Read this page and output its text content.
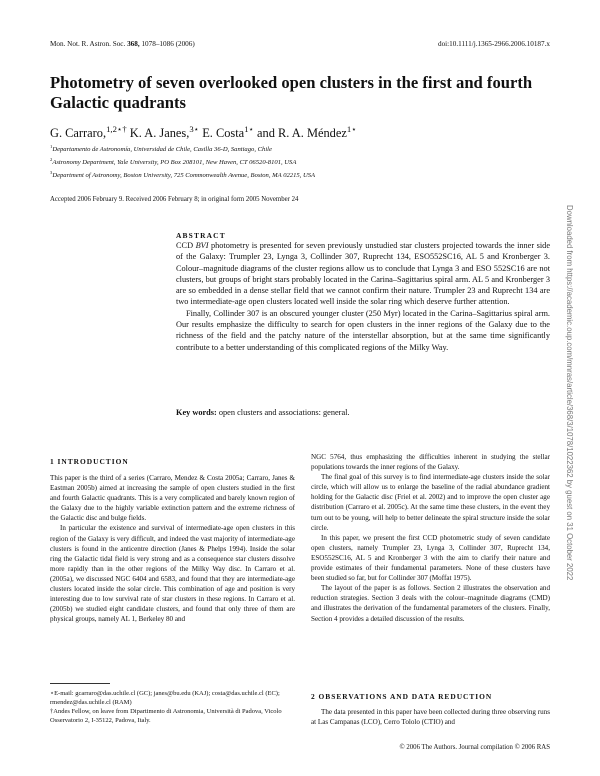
Mon. Not. R. Astron. Soc. 368, 1078–1086 (2006)	doi:10.1111/j.1365-2966.2006.10187.x
Photometry of seven overlooked open clusters in the first and fourth Galactic quadrants
G. Carraro,$^{1,2⋆\dagger}$ K. A. Janes,$^{3⋆}$ E. Costa$^{1⋆}$ and R. A. Méndez$^{1⋆}$
$^1$Departamento de Astronomía, Universidad de Chile, Casilla 36-D, Santiago, Chile
$^2$Astronomy Department, Yale University, PO Box 208101, New Haven, CT 06520-8101, USA
$^3$Department of Astronomy, Boston University, 725 Commonwealth Avenue, Boston, MA 02215, USA
Accepted 2006 February 9. Received 2006 February 8; in original form 2005 November 24
ABSTRACT

CCD BVI photometry is presented for seven previously unstudied star clusters projected towards the inner side of the Galaxy: Trumpler 23, Lynga 3, Collinder 307, Ruprecht 134, ESO552SC16, AL 5 and Kronberger 3. Colour–magnitude diagrams of the cluster regions allow us to conclude that Lynga 3 and ESO 552SC16 are not clusters, but groups of bright stars probably located in the Carina–Sagittarius spiral arm. AL 5 and Kronberger 3 are so embedded in a dense stellar field that we cannot confirm their nature. Trumpler 23 and Ruprecht 134 are two intermediate-age open clusters located well inside the solar ring which deserve further attention.

Finally, Collinder 307 is an obscured younger cluster (250 Myr) located in the Carina–Sagittarius spiral arm. Our results emphasize the difficulty to search for open clusters in the inner regions of the Galaxy due to the richness of the field and the patchy nature of the interstellar absorption, but at the same time significantly contribute to a better understanding of this complicated regions of the Milky Way.

Key words: open clusters and associations: general.
1 INTRODUCTION

This paper is the third of a series (Carraro, Mendez & Costa 2005a; Carraro, Janes & Eastman 2005b) aimed at increasing the sample of open clusters studied in the first and fourth Galactic quadrants. This is a very complicated and barely known region of the Galaxy due to the highly variable extinction pattern and the extreme richness of the Galactic disc and bulge fields.

In particular the existence and survival of intermediate-age open clusters in this region of the Galaxy is very difficult, and indeed the vast majority of intermediate-age clusters is found in the anticentre direction (Janes & Phelps 1994). Inside the solar ring the Galactic tidal field is very strong and as a consequence star clusters dissolve more rapidly than in the other regions of the Milky Way disc. In Carraro et al. (2005a), we discussed NGC 6404 and 6583, and found that they are intermediate-age clusters located inside the solar circle. This combination of age and position is very interesting due to low survival rate of star clusters in these regions. In Carraro et al. (2005b) we studied eight candidate clusters, and found that only three of them are physical groups, namely AL 1, Berkeley 80 and

⋆E-mail: gcarraro@das.uchile.cl (GC); janes@bu.edu (KAJ); costa@das.uchile.cl (EC); rmendez@das.uchile.cl (RAM)
†Andes Fellow, on leave from Dipartimento di Astronomia, Università di Padova, Vicolo Osservatorio 2, I-35122, Padova, Italy.

NGC 5764, thus emphasizing the difficulties inherent in studying the stellar populations towards the inner regions of the Galaxy.

The final goal of this survey is to find intermediate-age clusters inside the solar circle, which will allow us to enlarge the baseline of the radial abundance gradient holding for the Galactic disc (Friel et al. 2002) and to improve the open cluster age distribution (Carraro et al. 2005c). At the same time these clusters, in the event they turn out to be young, will help to better delineate the spiral structure inside the solar circle.

In this paper, we present the first CCD photometric study of seven candidate open clusters, namely Trumpler 23, Lynga 3, Collinder 307, Ruprecht 134, ESO552SC16, AL 5 and Kronberger 3 with the aim to clarify their nature and provide estimates of their fundamental parameters. None of these clusters have been studied so far, but for Collinder 307 (Moffat 1975).

The layout of the paper is as follows. Section 2 illustrates the observation and reduction strategies. Section 3 deals with the colour–magnitude diagrams (CMD) and illustrates the derivation of the fundamental parameters of the clusters. Finally, Section 4 provides a detailed discussion of the results.

2 OBSERVATIONS AND DATA REDUCTION

The data presented in this paper have been collected during three observing runs at Las Campanas (LCO), Cerro Tololo (CTIO) and

© 2006 The Authors. Journal compilation © 2006 RAS
Downloaded from https://academic.oup.com/mnras/article/368/3/1078/1022362 by guest on 31 October 2022
